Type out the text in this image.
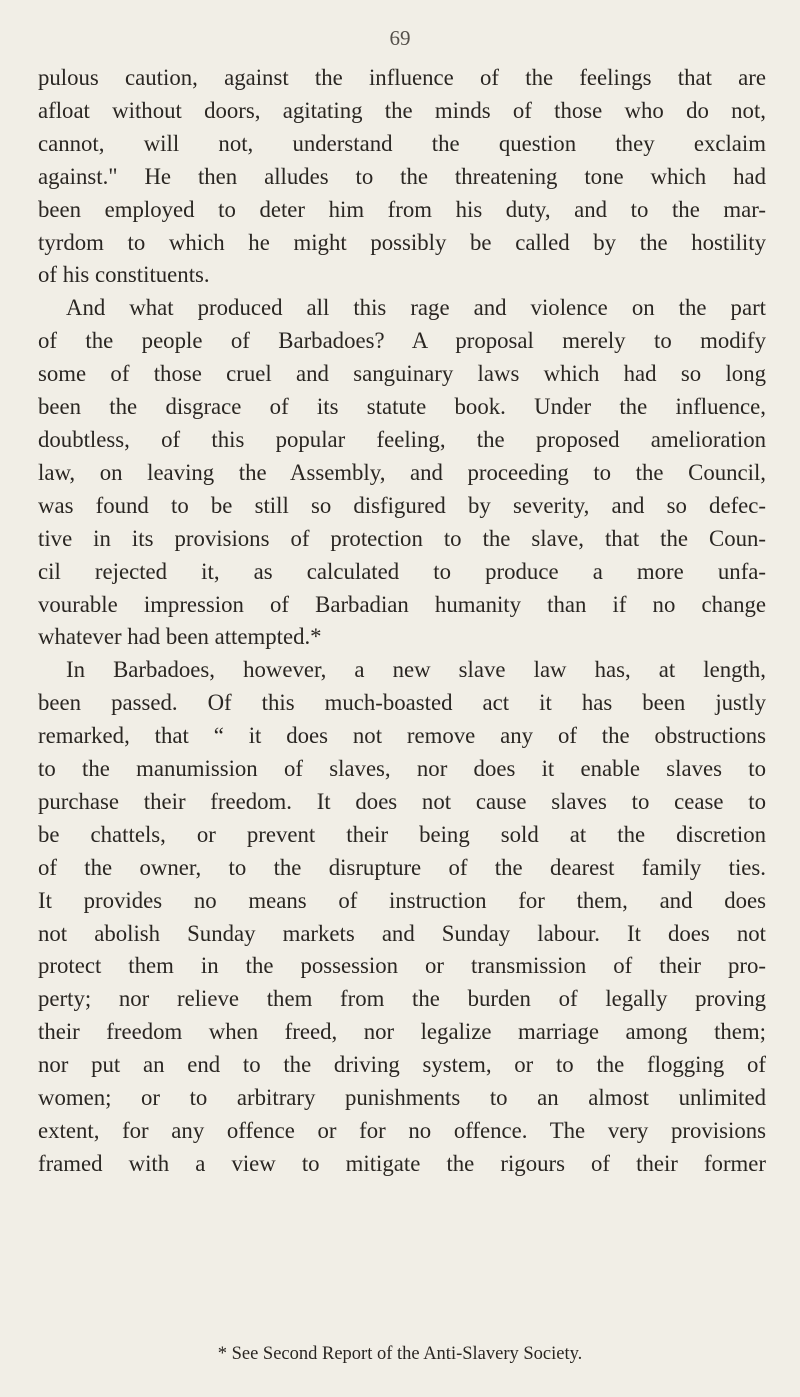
69
pulous caution, against the influence of the feelings that are
afloat without doors, agitating the minds of those who do not,
cannot, will not, understand the question they exclaim
against." He then alludes to the threatening tone which had
been employed to deter him from his duty, and to the mar-
tyrdom to which he might possibly be called by the hostility
of his constituents.
And what produced all this rage and violence on the part
of the people of Barbadoes? A proposal merely to modify
some of those cruel and sanguinary laws which had so long
been the disgrace of its statute book. Under the influence,
doubtless, of this popular feeling, the proposed amelioration
law, on leaving the Assembly, and proceeding to the Council,
was found to be still so disfigured by severity, and so defec-
tive in its provisions of protection to the slave, that the Coun-
cil rejected it, as calculated to produce a more unfa-
vourable impression of Barbadian humanity than if no change
whatever had been attempted.*
In Barbadoes, however, a new slave law has, at length,
been passed. Of this much-boasted act it has been justly
remarked, that “ it does not remove any of the obstructions
to the manumission of slaves, nor does it enable slaves to
purchase their freedom. It does not cause slaves to cease to
be chattels, or prevent their being sold at the discretion
of the owner, to the disrupture of the dearest family ties.
It provides no means of instruction for them, and does
not abolish Sunday markets and Sunday labour. It does not
protect them in the possession or transmission of their pro-
perty; nor relieve them from the burden of legally proving
their freedom when freed, nor legalize marriage among them;
nor put an end to the driving system, or to the flogging of
women; or to arbitrary punishments to an almost unlimited
extent, for any offence or for no offence. The very provisions
framed with a view to mitigate the rigours of their former
* See Second Report of the Anti-Slavery Society.
